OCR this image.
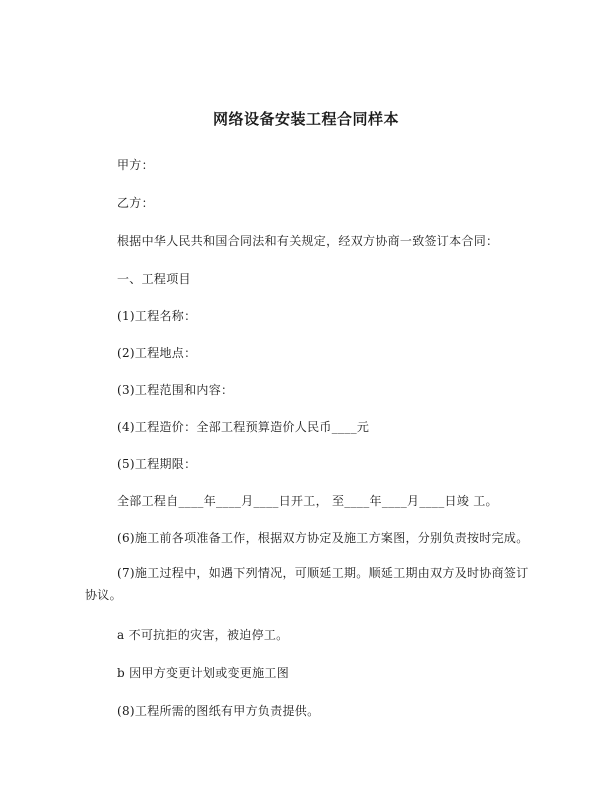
网络设备安装工程合同样本
甲方：
乙方：
根据中华人民共和国合同法和有关规定，经双方协商一致签订本合同：
一、工程项目
(1)工程名称：
(2)工程地点：
(3)工程范围和内容：
(4)工程造价：全部工程预算造价人民币____元
(5)工程期限：
全部工程自____年____月____日开工， 至____年____月____日竣 工。
(6)施工前各项准备工作，根据双方协定及施工方案图，分别负责按时完成。
(7)施工过程中，如遇下列情况，可顺延工期。顺延工期由双方及时协商签订协议。
a 不可抗拒的灾害，被迫停工。
b 因甲方变更计划或变更施工图
(8)工程所需的图纸有甲方负责提供。
